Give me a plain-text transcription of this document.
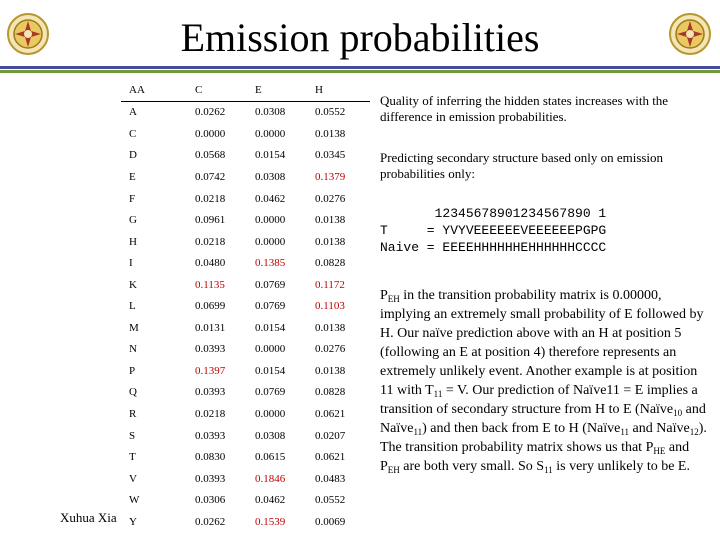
Emission probabilities
AA	C	E	H
A	0.0262	0.0308	0.0552
C	0.0000	0.0000	0.0138
D	0.0568	0.0154	0.0345
E	0.0742	0.0308	0.1379
F	0.0218	0.0462	0.0276
G	0.0961	0.0000	0.0138
H	0.0218	0.0000	0.0138
I	0.0480	0.1385	0.0828
K	0.1135	0.0769	0.1172
L	0.0699	0.0769	0.1103
M	0.0131	0.0154	0.0138
N	0.0393	0.0000	0.0276
P	0.1397	0.0154	0.0138
Q	0.0393	0.0769	0.0828
R	0.0218	0.0000	0.0621
S	0.0393	0.0308	0.0207
T	0.0830	0.0615	0.0621
V	0.0393	0.1846	0.0483
W	0.0306	0.0462	0.0552
Y	0.0262	0.1539	0.0069
Xuhua Xia
Quality of inferring the hidden states increases with the difference in emission probabilities.
Predicting secondary structure based only on emission probabilities only:
12345678901234567890 1
T     = YVYVEEEEEEVEEEEEEPGPG
Naive = EEEEHHHHHHEHHHHHHCCCC
$P_{EH}$ in the transition probability matrix is 0.00000, implying an extremely small probability of E followed by H. Our naïve prediction above with an H at position 5 (following an E at position 4) therefore represents an extremely unlikely event. Another example is at position 11 with $T_{11} = V$. Our prediction of Naïve11 = E implies a transition of secondary structure from H to E (Naïve$_{10}$ and Naïve$_{11}$) and then back from E to H (Naïve$_{11}$ and Naïve$_{12}$). The transition probability matrix shows us that $P_{HE}$ and $P_{EH}$ are both very small. So $S_{11}$ is very unlikely to be E.
